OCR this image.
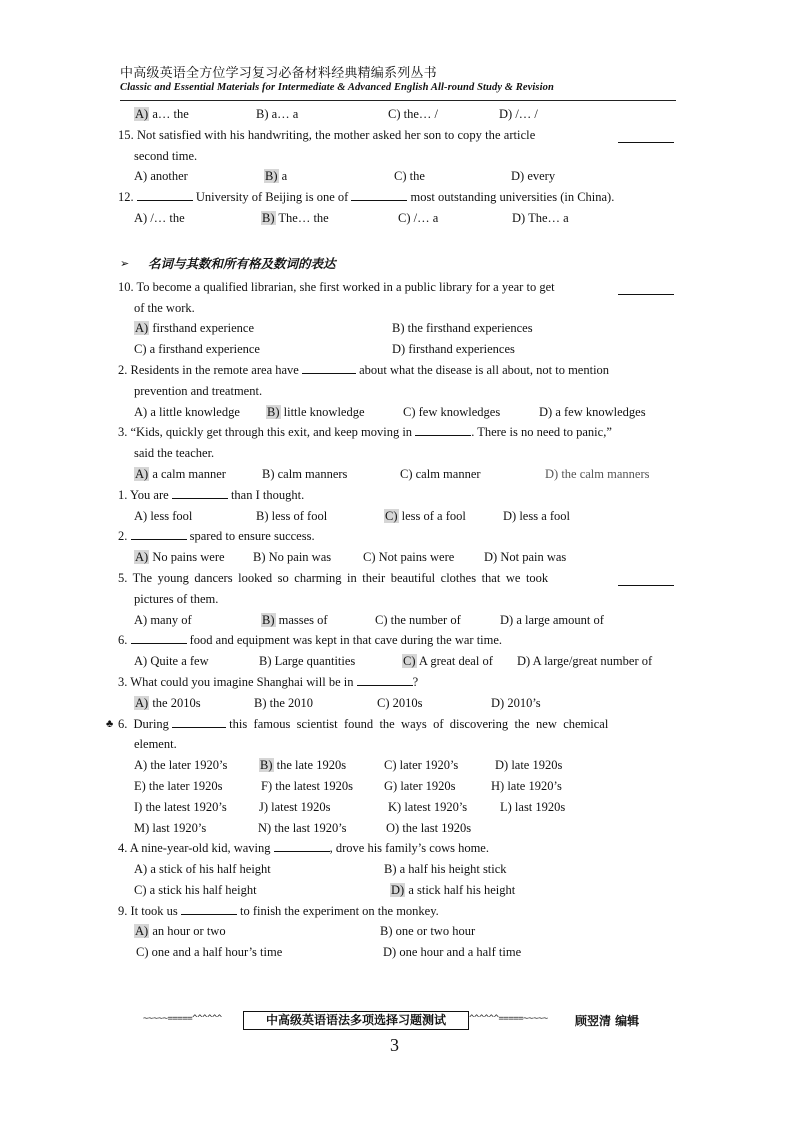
中高级英语全方位学习复习必备材料经典精编系列丛书
Classic and Essential Materials for Intermediate & Advanced English All-round Study & Revision
A) a… the	B) a… a	C) the… /	D) /… /
15. Not satisfied with his handwriting, the mother asked her son to copy the article
second time.
A) another	B) a	C) the	D) every
12.	University of Beijing is one of	most outstanding universities (in China).
A) /… the	B) The… the	C) /… a	D) The… a
➢ 名词与其数和所有格及数词的表达
10. To become a qualified librarian, she first worked in a public library for a year to get
of the work.
A) firsthand experience	B) the firsthand experiences
C) a firsthand experience	D) firsthand experiences
2. Residents in the remote area have	about what the disease is all about, not to mention
prevention and treatment.
A) a little knowledge B) little knowledge	C) few knowledges	D) a few knowledges
3. “Kids, quickly get through this exit, and keep moving in	. There is no need to panic,”
said the teacher.
A) a calm manner	B) calm manners	C) calm manner	D) the calm manners
1. You are	than I thought.
A) less fool	B) less of fool	C) less of a fool	D) less a fool
2.	spared to ensure success.
A) No pains were B) No pain was	C) Not pains were D) Not pain was
5. The young dancers looked so charming in their beautiful clothes that we took
pictures of them.
A) many of	B) masses of	C) the number of	D) a large amount of
6.	food and equipment was kept in that cave during the war time.
A) Quite a few	B) Large quantities	C) A great deal of D) A large/great number of
3. What could you imagine Shanghai will be in	?
A) the 2010s	B) the 2010	C) 2010s	D) 2010’s
♣ 6. During	this famous scientist found the ways of discovering the new chemical
element.
A) the later 1920’s	B) the late 1920s	C) later 1920’s	D) late 1920s
E) the later 1920s	F) the latest 1920s G) later 1920s	H) late 1920’s
I) the latest 1920’s	J) latest 1920s	K) latest 1920’s	L) last 1920s
M) last 1920’s	N) the last 1920’s	O) the last 1920s
4. A nine-year-old kid, waving	, drove his family’s cows home.
A) a stick of his half height	B) a half his height stick
C) a stick his half height	D) a stick half his height
9. It took us	to finish the experiment on the monkey.
A) an hour or two	B) one or two hour
C) one and a half hour’s time	D) one hour and a half time
~~~~~=====^^^^^^	中高级英语语法多项选择习题测试	^^^^^^=====~~~~~ 顾翌清 编辑
3
